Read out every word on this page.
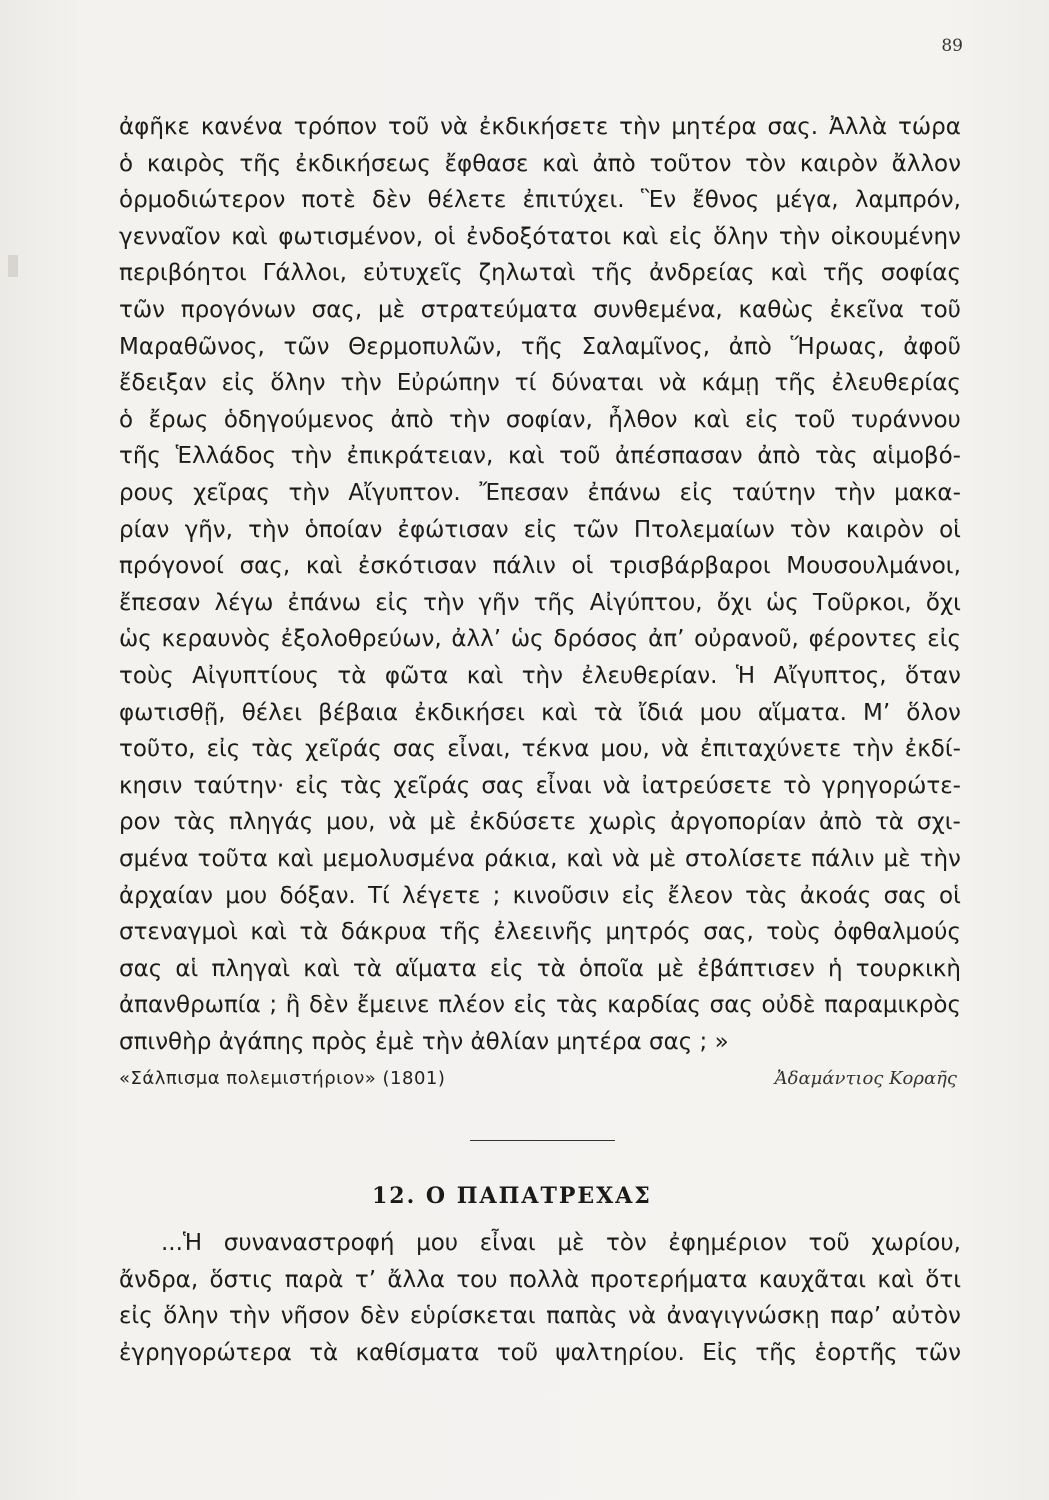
89
ἀφῆκε κανένα τρόπον τοῦ νὰ ἐκδικήσετε τὴν μητέρα σας. Ἀλλὰ τώρα
ὁ καιρὸς τῆς ἐκδικήσεως ἔφθασε καὶ ἀπὸ τοῦτον τὸν καιρὸν ἄλλον
ὁρμοδιώτερον ποτὲ δὲν θέλετε ἐπιτύχει. Ἓν ἔθνος μέγα, λαμπρόν,
γενναῖον καὶ φωτισμένον, οἱ ἐνδοξότατοι καὶ εἰς ὅλην τὴν οἰκουμένην
περιβόητοι Γάλλοι, εὐτυχεῖς ζηλωταὶ τῆς ἀνδρείας καὶ τῆς σοφίας
τῶν προγόνων σας, μὲ στρατεύματα συνθεμένα, καθὼς ἐκεῖνα τοῦ
Μαραθῶνος, τῶν Θερμοπυλῶν, τῆς Σαλαμῖνος, ἀπὸ Ἥρωας, ἀφοῦ
ἔδειξαν εἰς ὅλην τὴν Εὐρώπην τί δύναται νὰ κάμῃ τῆς ἐλευθερίας
ὁ ἔρως ὁδηγούμενος ἀπὸ τὴν σοφίαν, ἦλθον καὶ εἰς τοῦ τυράννου
τῆς Ἑλλάδος τὴν ἐπικράτειαν, καὶ τοῦ ἀπέσπασαν ἀπὸ τὰς αἱμοβό-
ρους χεῖρας τὴν Αἴγυπτον. Ἔπεσαν ἐπάνω εἰς ταύτην τὴν μακα-
ρίαν γῆν, τὴν ὁποίαν ἐφώτισαν εἰς τῶν Πτολεμαίων τὸν καιρὸν οἱ
πρόγονοί σας, καὶ ἐσκότισαν πάλιν οἱ τρισβάρβαροι Μουσουλμάνοι,
ἔπεσαν λέγω ἐπάνω εἰς τὴν γῆν τῆς Αἰγύπτου, ὄχι ὡς Τοῦρκοι, ὄχι
ὡς κεραυνὸς ἐξολοθρεύων, ἀλλ’ ὡς δρόσος ἀπ’ οὐρανοῦ, φέροντες εἰς
τοὺς Αἰγυπτίους τὰ φῶτα καὶ τὴν ἐλευθερίαν. Ἡ Αἴγυπτος, ὅταν
φωτισθῇ, θέλει βέβαια ἐκδικήσει καὶ τὰ ἴδιά μου αἵματα. Μ’ ὅλον
τοῦτο, εἰς τὰς χεῖράς σας εἶναι, τέκνα μου, νὰ ἐπιταχύνετε τὴν ἐκδί-
κησιν ταύτην· εἰς τὰς χεῖράς σας εἶναι νὰ ἰατρεύσετε τὸ γρηγορώτε-
ρον τὰς πληγάς μου, νὰ μὲ ἐκδύσετε χωρὶς ἀργοπορίαν ἀπὸ τὰ σχι-
σμένα τοῦτα καὶ μεμολυσμένα ράκια, καὶ νὰ μὲ στολίσετε πάλιν μὲ τὴν
ἀρχαίαν μου δόξαν. Τί λέγετε ; κινοῦσιν εἰς ἔλεον τὰς ἀκοάς σας οἱ
στεναγμοὶ καὶ τὰ δάκρυα τῆς ἐλεεινῆς μητρός σας, τοὺς ὀφθαλμούς
σας αἱ πληγαὶ καὶ τὰ αἵματα εἰς τὰ ὁποῖα μὲ ἐβάπτισεν ἡ τουρκικὴ
ἀπανθρωπία ; ἢ δὲν ἔμεινε πλέον εἰς τὰς καρδίας σας οὐδὲ παραμικρὸς
σπινθὴρ ἀγάπης πρὸς ἐμὲ τὴν ἀθλίαν μητέρα σας ; »
«Σάλπισμα πολεμιστήριον» (1801)	Ἀδαμάντιος Κοραῆς
12. Ο ΠΑΠΑΤΡΕΧΑΣ
...Ἡ συναναστροφή μου εἶναι μὲ τὸν ἐφημέριον τοῦ χωρίου,
ἄνδρα, ὅστις παρὰ τ’ ἄλλα του πολλὰ προτερήματα καυχᾶται καὶ ὅτι
εἰς ὅλην τὴν νῆσον δὲν εὑρίσκεται παπὰς νὰ ἀναγιγνώσκῃ παρ’ αὐτὸν
ἐγρηγορώτερα τὰ καθίσματα τοῦ ψαλτηρίου. Εἰς τῆς ἑορτῆς τῶν
